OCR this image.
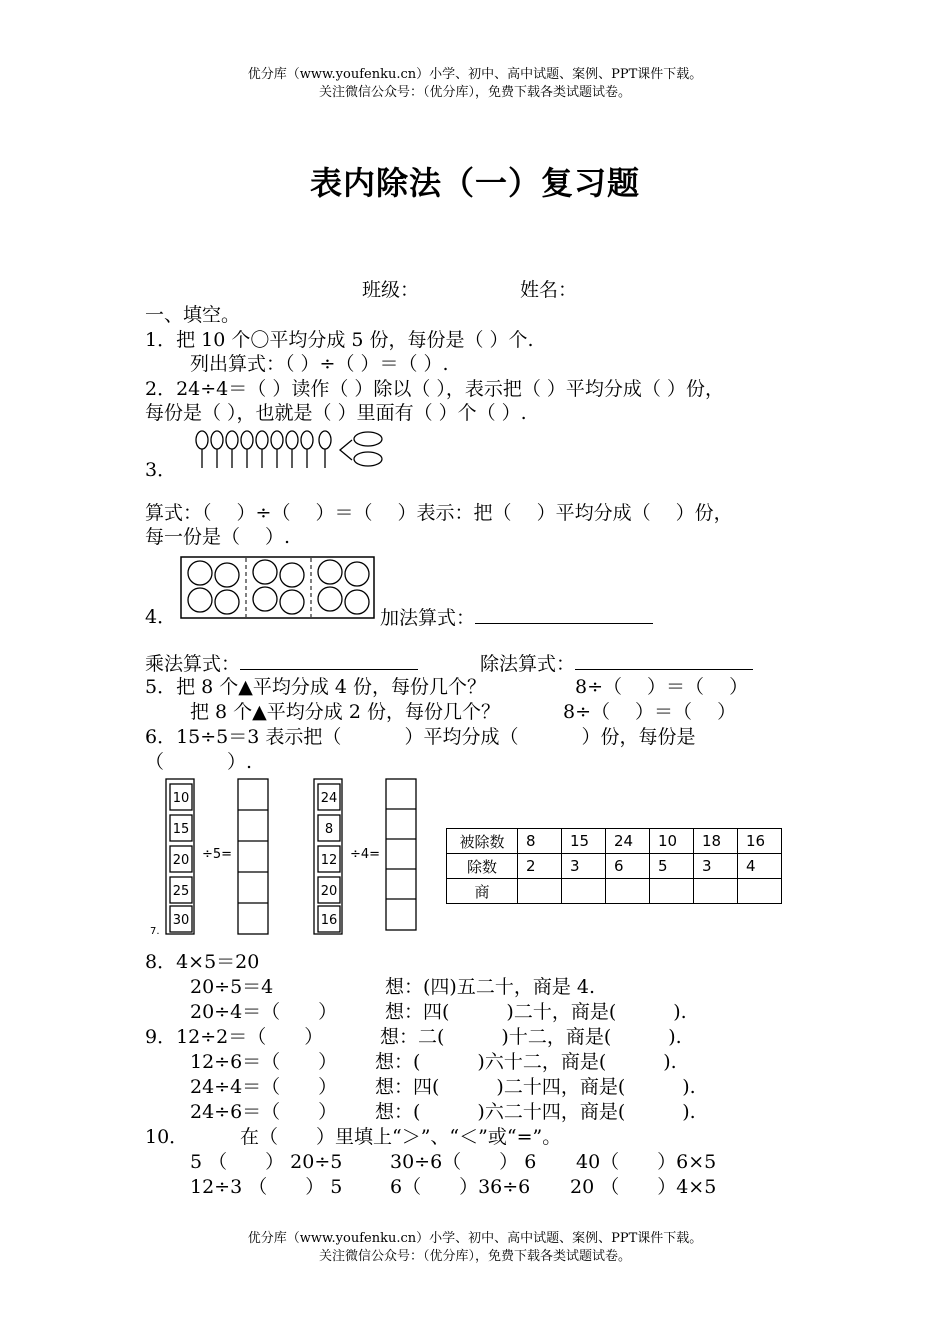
优分库（www.youfenku.cn）小学、初中、高中试题、案例、PPT课件下载。
关注微信公众号：（优分库），免费下载各类试题试卷。
表内除法（一）复习题
班级：	姓名：
一、填空。
1．把 10 个〇平均分成 5 份，每份是（ ）个.
列出算式：（ ）÷（ ）＝（ ）.
2．24÷4＝（ ）读作（ ）除以（ ），表示把（ ）平均分成（ ）份，
每份是（ ），也就是（ ）里面有（ ）个（ ）.
3．
算式：（　 ）÷（　 ）＝（　 ）表示：把（　 ）平均分成（　 ）份，
每一份是（　 ）.
4．	加法算式：
乘法算式：	除法算式：
5．把 8 个▲平均分成 4 份，每份几个？	8÷（　 ）＝（　 ）
把 8 个▲平均分成 2 份，每份几个？	8÷（　 ）＝（　 ）
6．15÷5＝3 表示把（　　　 ）平均分成（　　　 ）份，每份是
（　　　 ）.
10
15
20
25
30
÷5=
24
8
12
20
16
÷4=
7.
被除数	8	15	24	10	18	16
除数	2	3	6	5	3	4
商						
8．4×5＝20
20÷5＝4	想：(四)五二十，商是 4.
20÷4＝（　　）	想：四(　　　)二十，商是(　　　).
9．12÷2＝（　　）	想：二(　　　)十二，商是(　　　).
12÷6＝（　　） 想：(　　　)六十二，商是(　　　).
24÷4＝（　　） 想：四(　　　)二十四，商是(　　　).
24÷6＝（　　） 想：(　　　)六二十四，商是(　　　).
10．	在（　　）里填上“＞”、“＜”或“=”。
5 （　　） 20÷5	30÷6（　　） 6 40（　　）6×5
12÷3 （　　） 5	6（　　）36÷6 20 （　　）4×5
优分库（www.youfenku.cn）小学、初中、高中试题、案例、PPT课件下载。
关注微信公众号：（优分库），免费下载各类试题试卷。
